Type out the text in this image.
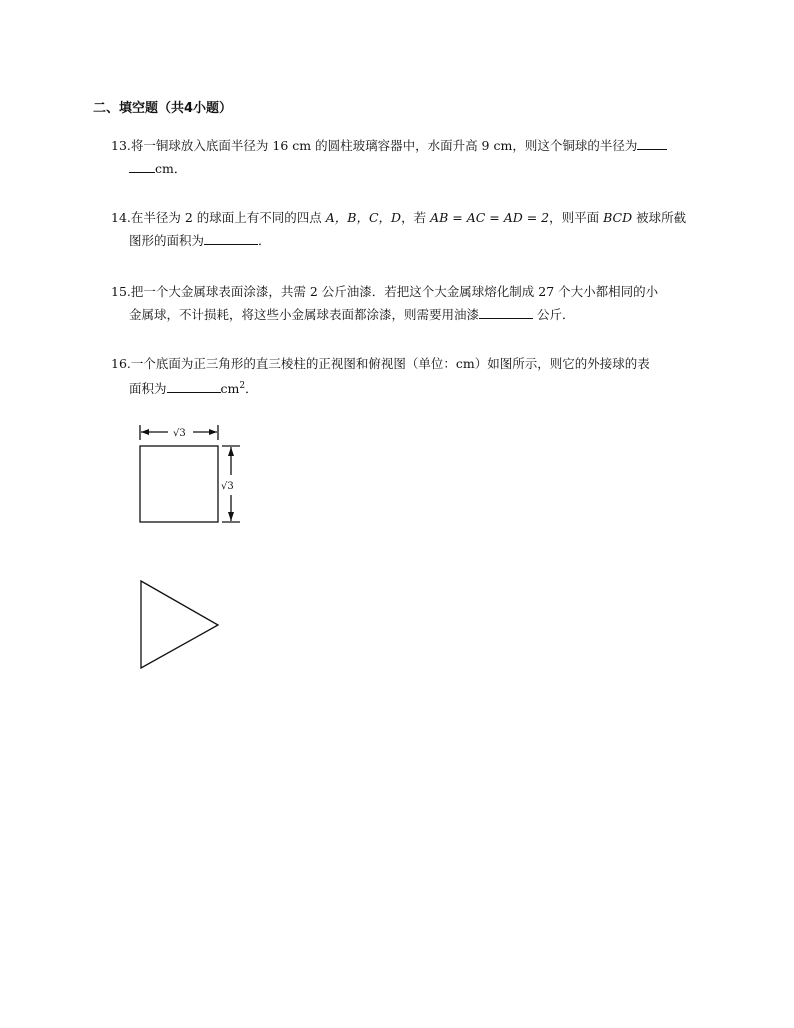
二、填空题（共4小题）
13.将一铜球放入底面半径为 16 cm 的圆柱玻璃容器中，水面升高 9 cm，则这个铜球的半径为
cm．
14.在半径为 2 的球面上有不同的四点 A，B，C，D，若 AB = AC = AD = 2，则平面 BCD 被球所截
图形的面积为	．
15.把一个大金属球表面涂漆，共需 2 公斤油漆．若把这个大金属球熔化制成 27 个大小都相同的小
金属球，不计损耗，将这些小金属球表面都涂漆，则需要用油漆	公斤．
16.一个底面为正三角形的直三棱柱的正视图和俯视图（单位：cm）如图所示，则它的外接球的表
面积为	$cm^2$．
√3
√3
